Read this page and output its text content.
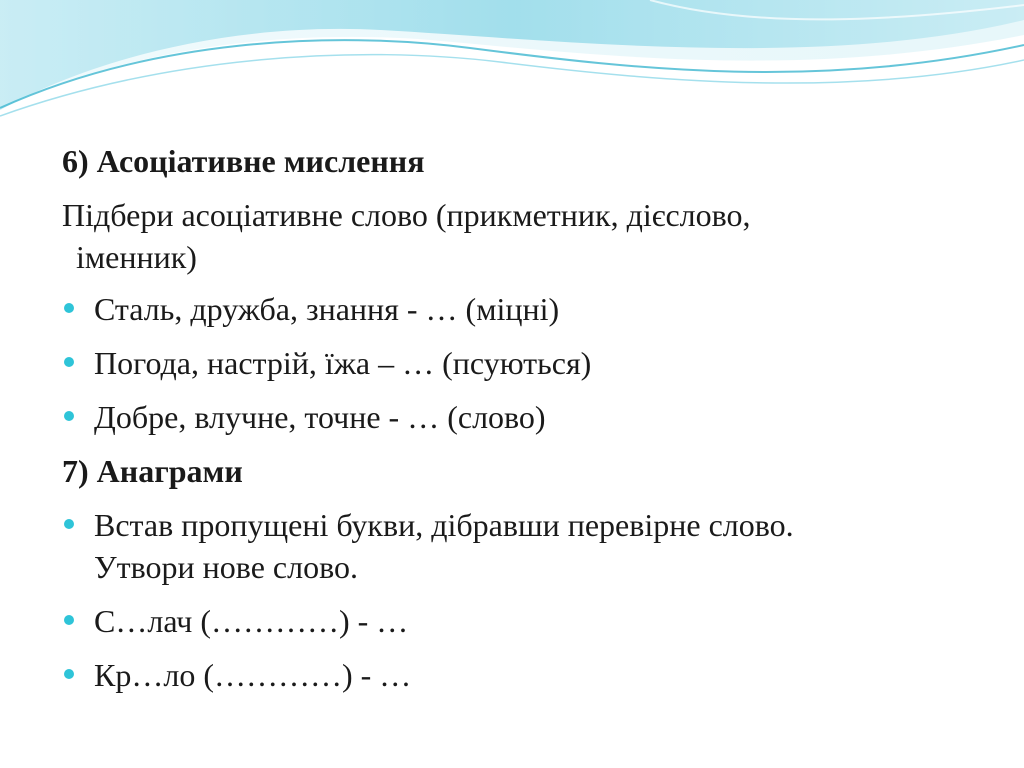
6) Асоціативне мислення

Підбери асоціативне слово (прикметник, дієслово,
іменник)

Сталь, дружба, знання - … (міцні)

Погода, настрій, їжа – … (псуються)

Добре, влучне, точне - … (слово)

7) Анаграми

Встав пропущені букви, дібравши перевірне слово.
Утвори нове слово.

С…лач (…………) - …

Кр…ло (…………) - …
